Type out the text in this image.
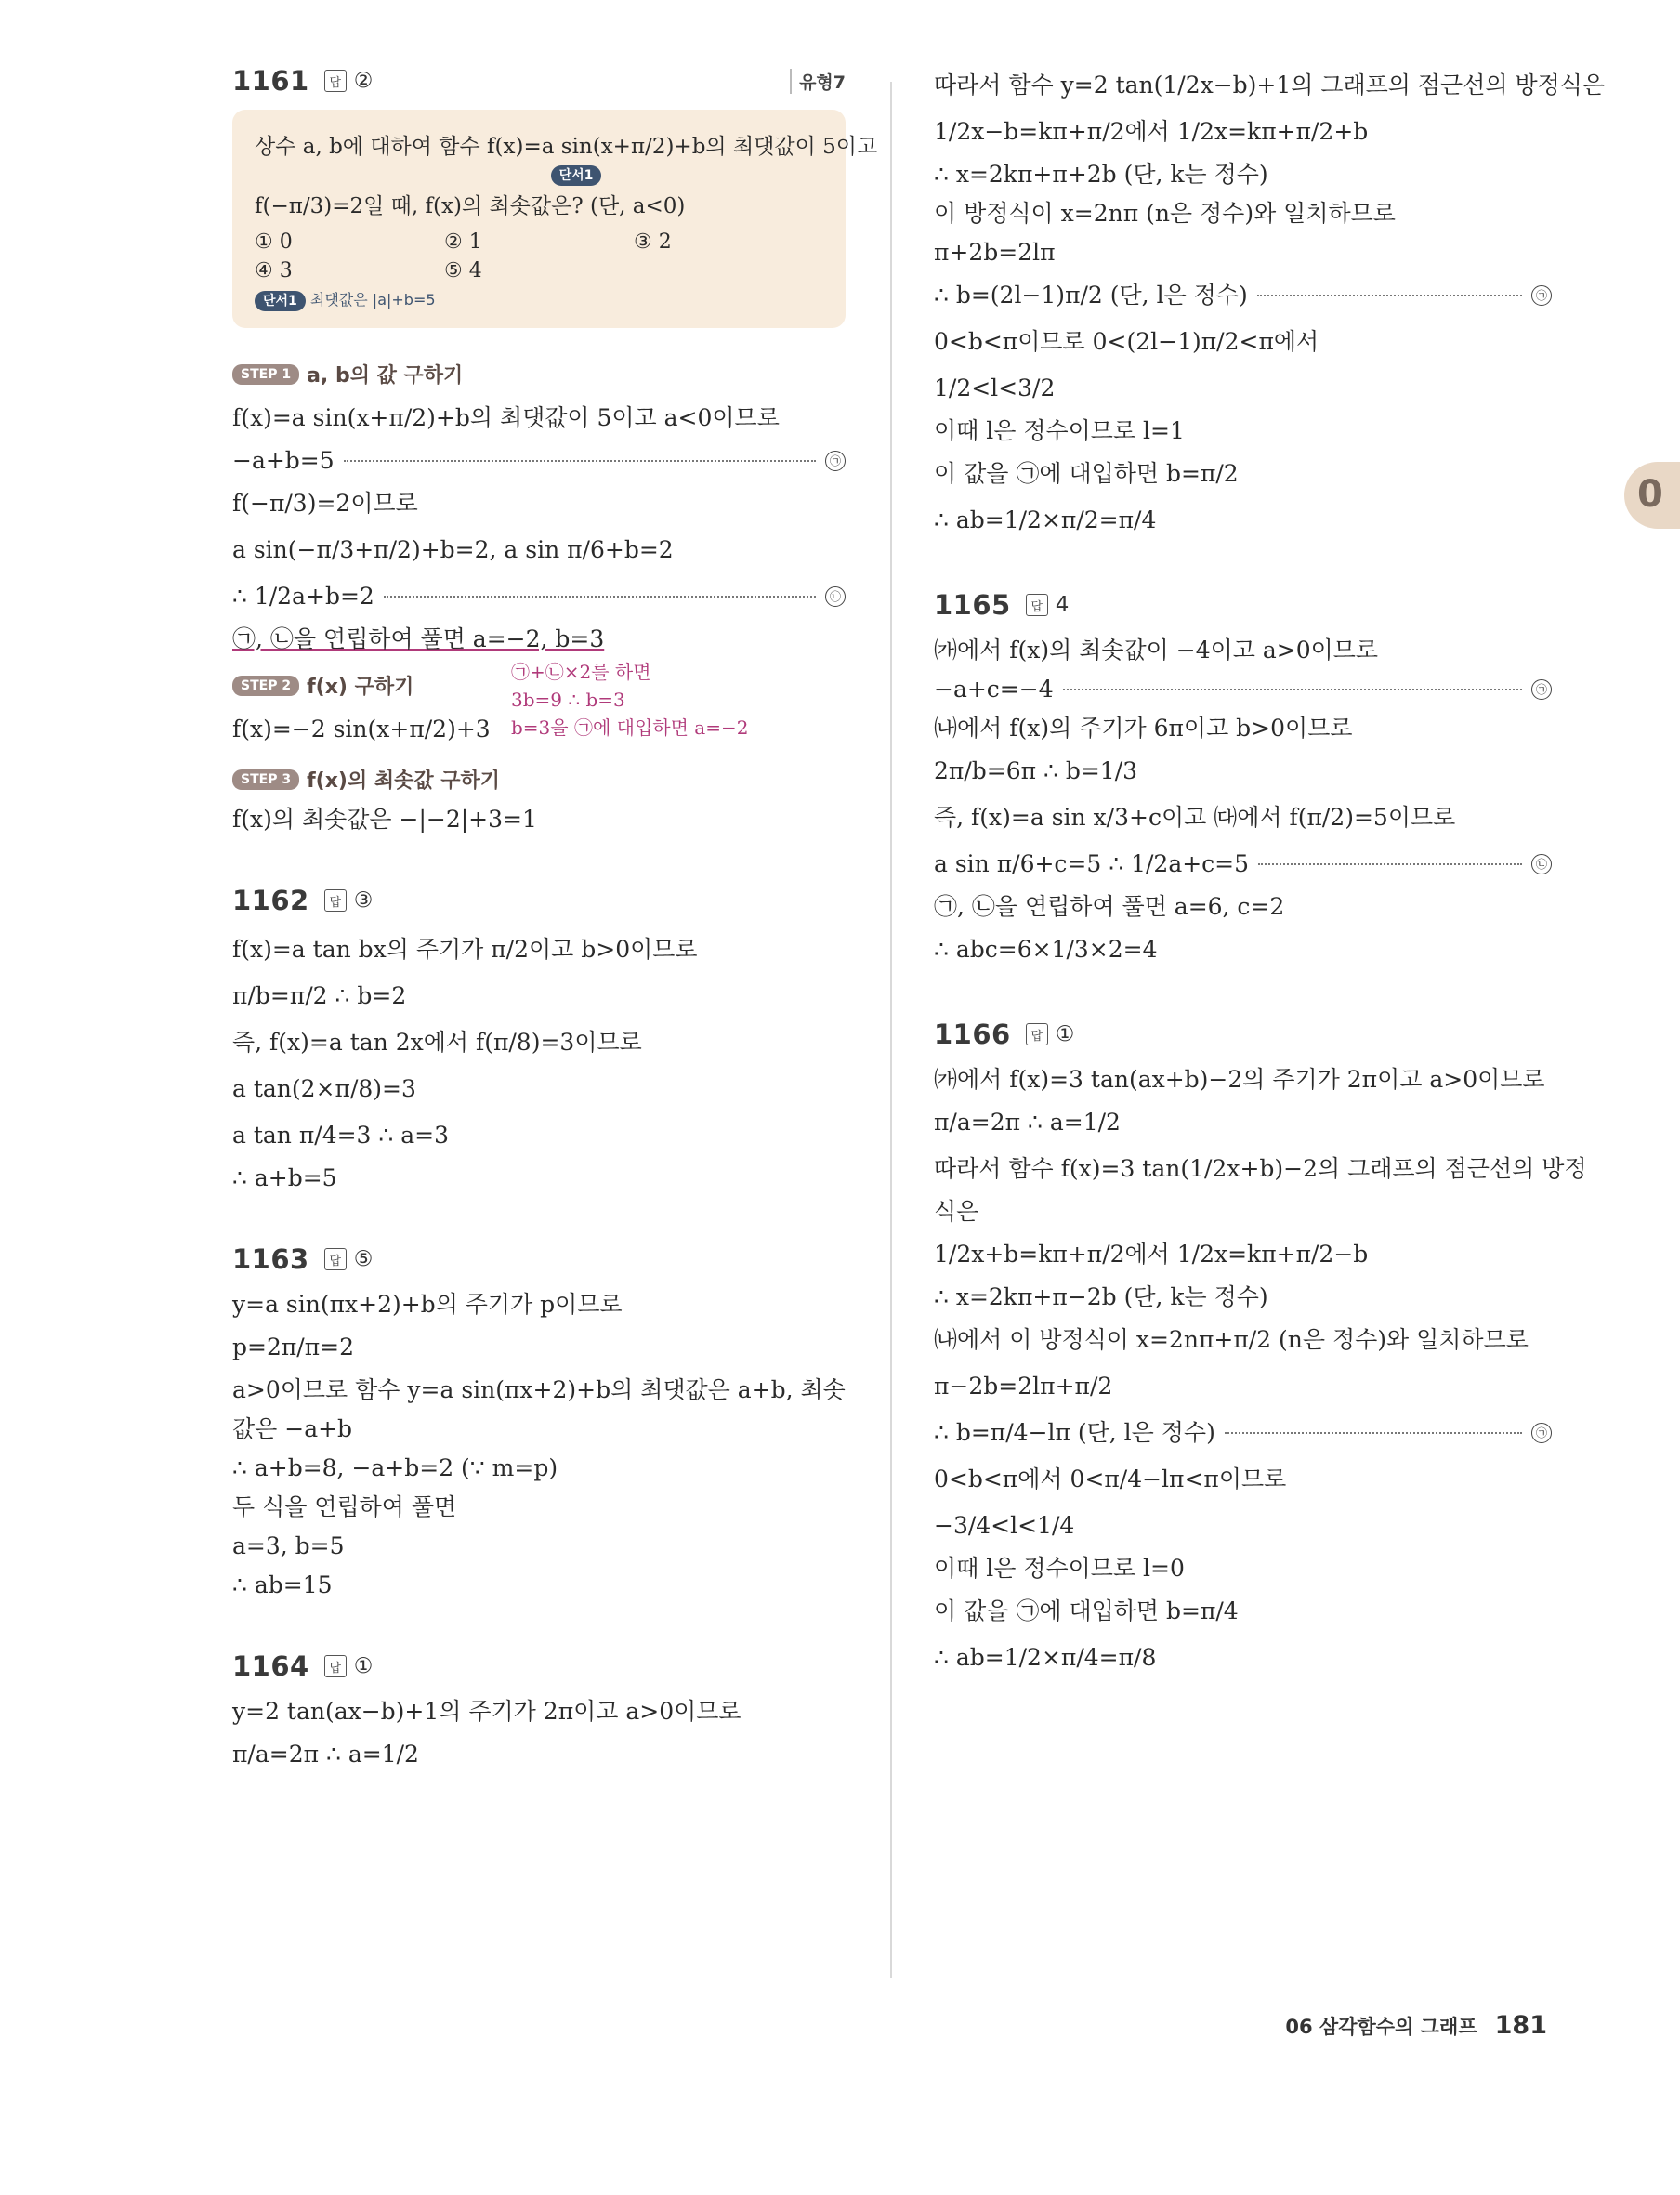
0
1161	답 ②	유형7
상수 a, b에 대하여 함수 f(x)=a sin(x+π/2)+b의 최댓값이 5이고
단서1
f(−π/3)=2일 때, f(x)의 최솟값은? (단, a<0)
① 0	② 1	③ 2
④ 3	⑤ 4
단서1 최댓값은 |a|+b=5
STEP 1 a, b의 값 구하기
f(x)=a sin(x+π/2)+b의 최댓값이 5이고 a<0이므로
−a+b=5	㉠
f(−π/3)=2이므로
a sin(−π/3+π/2)+b=2, a sin π/6+b=2
∴ 1/2a+b=2	㉡
㉠, ㉡을 연립하여 풀면 a=−2, b=3
㉠+㉡×2를 하면
3b=9 ∴ b=3
b=3을 ㉠에 대입하면 a=−2
STEP 2 f(x) 구하기
f(x)=−2 sin(x+π/2)+3
STEP 3 f(x)의 최솟값 구하기
f(x)의 최솟값은 −|−2|+3=1
1162	답 ③
f(x)=a tan bx의 주기가 π/2이고 b>0이므로
π/b=π/2 ∴ b=2
즉, f(x)=a tan 2x에서 f(π/8)=3이므로
a tan(2×π/8)=3
a tan π/4=3 ∴ a=3
∴ a+b=5
1163	답 ⑤
y=a sin(πx+2)+b의 주기가 p이므로
p=2π/π=2
a>0이므로 함수 y=a sin(πx+2)+b의 최댓값은 a+b, 최솟
값은 −a+b
∴ a+b=8, −a+b=2 (∵ m=p)
두 식을 연립하여 풀면
a=3, b=5
∴ ab=15
1164	답 ①
y=2 tan(ax−b)+1의 주기가 2π이고 a>0이므로
π/a=2π ∴ a=1/2
따라서 함수 y=2 tan(1/2x−b)+1의 그래프의 점근선의 방정식은
1/2x−b=kπ+π/2에서 1/2x=kπ+π/2+b
∴ x=2kπ+π+2b (단, k는 정수)
이 방정식이 x=2nπ (n은 정수)와 일치하므로
π+2b=2lπ
∴ b=(2l−1)π/2 (단, l은 정수)	㉠
0<b<π이므로 0<(2l−1)π/2<π에서
1/2<l<3/2
이때 l은 정수이므로 l=1
이 값을 ㉠에 대입하면 b=π/2
∴ ab=1/2×π/2=π/4
1165	답 4
㈎에서 f(x)의 최솟값이 −4이고 a>0이므로
−a+c=−4	㉠
㈏에서 f(x)의 주기가 6π이고 b>0이므로
2π/b=6π ∴ b=1/3
즉, f(x)=a sin x/3+c이고 ㈐에서 f(π/2)=5이므로
a sin π/6+c=5 ∴ 1/2a+c=5	㉡
㉠, ㉡을 연립하여 풀면 a=6, c=2
∴ abc=6×1/3×2=4
1166	답 ①
㈎에서 f(x)=3 tan(ax+b)−2의 주기가 2π이고 a>0이므로
π/a=2π ∴ a=1/2
따라서 함수 f(x)=3 tan(1/2x+b)−2의 그래프의 점근선의 방정
식은
1/2x+b=kπ+π/2에서 1/2x=kπ+π/2−b
∴ x=2kπ+π−2b (단, k는 정수)
㈏에서 이 방정식이 x=2nπ+π/2 (n은 정수)와 일치하므로
π−2b=2lπ+π/2
∴ b=π/4−lπ (단, l은 정수)	㉠
0<b<π에서 0<π/4−lπ<π이므로
−3/4<l<1/4
이때 l은 정수이므로 l=0
이 값을 ㉠에 대입하면 b=π/4
∴ ab=1/2×π/4=π/8
06 삼각함수의 그래프 181
